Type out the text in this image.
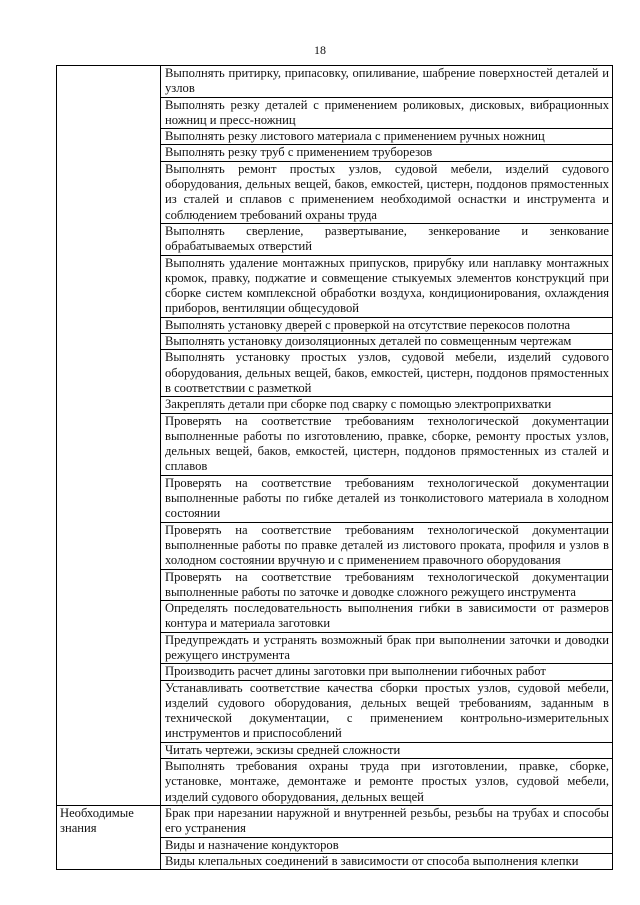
18
	Выполнять притирку, припасовку, опиливание, шабрение поверхностей деталей и узлов
	Выполнять резку деталей с применением роликовых, дисковых, вибрационных ножниц и пресс-ножниц
	Выполнять резку листового материала с применением ручных ножниц
	Выполнять резку труб с применением труборезов
	Выполнять ремонт простых узлов, судовой мебели, изделий судового оборудования, дельных вещей, баков, емкостей, цистерн, поддонов прямостенных из сталей и сплавов с применением необходимой оснастки и инструмента и соблюдением требований охраны труда
	Выполнять сверление, развертывание, зенкерование и зенкование обрабатываемых отверстий
	Выполнять удаление монтажных припусков, прирубку или наплавку монтажных кромок, правку, поджатие и совмещение стыкуемых элементов конструкций при сборке систем комплексной обработки воздуха, кондиционирования, охлаждения приборов, вентиляции общесудовой
	Выполнять установку дверей с проверкой на отсутствие перекосов полотна
	Выполнять установку доизоляционных деталей по совмещенным чертежам
	Выполнять установку простых узлов, судовой мебели, изделий судового оборудования, дельных вещей, баков, емкостей, цистерн, поддонов прямостенных в соответствии с разметкой
	Закреплять детали при сборке под сварку с помощью электроприхватки
	Проверять на соответствие требованиям технологической документации выполненные работы по изготовлению, правке, сборке, ремонту простых узлов, дельных вещей, баков, емкостей, цистерн, поддонов прямостенных из сталей и сплавов
	Проверять на соответствие требованиям технологической документации выполненные работы по гибке деталей из тонколистового материала в холодном состоянии
	Проверять на соответствие требованиям технологической документации выполненные работы по правке деталей из листового проката, профиля и узлов в холодном состоянии вручную и с применением правочного оборудования
	Проверять на соответствие требованиям технологической документации выполненные работы по заточке и доводке сложного режущего инструмента
	Определять последовательность выполнения гибки в зависимости от размеров контура и материала заготовки
	Предупреждать и устранять возможный брак при выполнении заточки и доводки режущего инструмента
	Производить расчет длины заготовки при выполнении гибочных работ
	Устанавливать соответствие качества сборки простых узлов, судовой мебели, изделий судового оборудования, дельных вещей требованиям, заданным в технической документации, с применением контрольно-измерительных инструментов и приспособлений
	Читать чертежи, эскизы средней сложности
	Выполнять требования охраны труда при изготовлении, правке, сборке, установке, монтаже, демонтаже и ремонте простых узлов, судовой мебели, изделий судового оборудования, дельных вещей
Необходимые знания	Брак при нарезании наружной и внутренней резьбы, резьбы на трубах и способы его устранения
	Виды и назначение кондукторов
	Виды клепальных соединений в зависимости от способа выполнения клепки
